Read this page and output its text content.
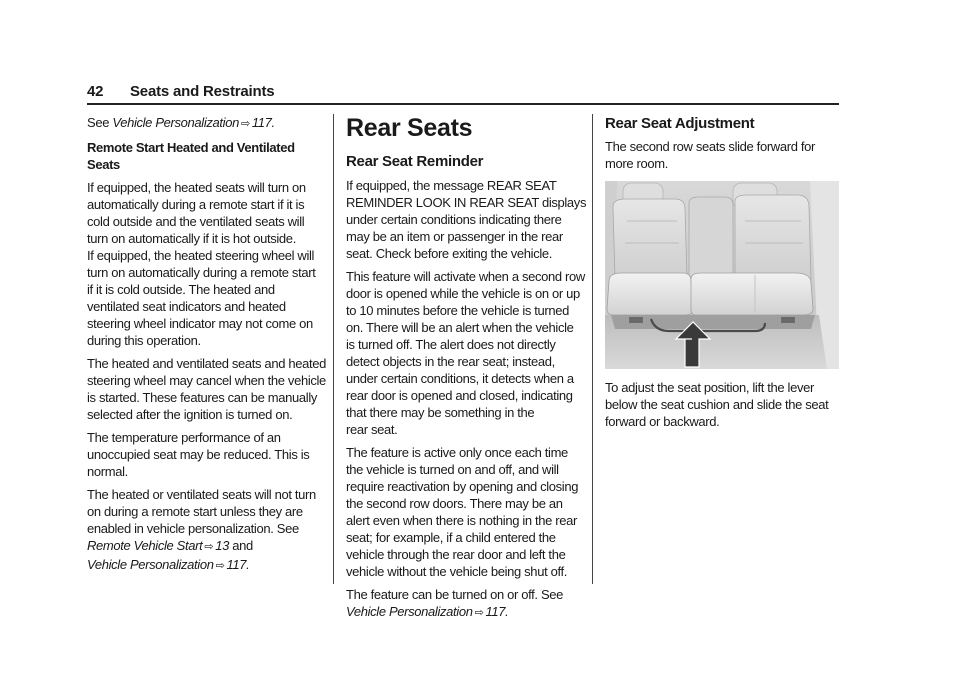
42 Seats and Restraints

See Vehicle Personalization ⇨ 117.

Remote Start Heated and Ventilated Seats

If equipped, the heated seats will turn on
automatically during a remote start if it is
cold outside and the ventilated seats will
turn on automatically if it is hot outside.
If equipped, the heated steering wheel will
turn on automatically during a remote start
if it is cold outside. The heated and
ventilated seat indicators and heated
steering wheel indicator may not come on
during this operation.

The heated and ventilated seats and heated
steering wheel may cancel when the vehicle
is started. These features can be manually
selected after the ignition is turned on.

The temperature performance of an
unoccupied seat may be reduced. This is
normal.

The heated or ventilated seats will not turn
on during a remote start unless they are
enabled in vehicle personalization. See
Remote Vehicle Start ⇨ 13 and
Vehicle Personalization ⇨ 117.

Rear Seats
Rear Seat Reminder

If equipped, the message REAR SEAT
REMINDER LOOK IN REAR SEAT displays
under certain conditions indicating there
may be an item or passenger in the rear
seat. Check before exiting the vehicle.

This feature will activate when a second row
door is opened while the vehicle is on or up
to 10 minutes before the vehicle is turned
on. There will be an alert when the vehicle
is turned off. The alert does not directly
detect objects in the rear seat; instead,
under certain conditions, it detects when a
rear door is opened and closed, indicating
that there may be something in the
rear seat.

The feature is active only once each time
the vehicle is turned on and off, and will
require reactivation by opening and closing
the second row doors. There may be an
alert even when there is nothing in the rear
seat; for example, if a child entered the
vehicle through the rear door and left the
vehicle without the vehicle being shut off.

The feature can be turned on or off. See
Vehicle Personalization ⇨ 117.

Rear Seat Adjustment

The second row seats slide forward for
more room.

To adjust the seat position, lift the lever
below the seat cushion and slide the seat
forward or backward.
